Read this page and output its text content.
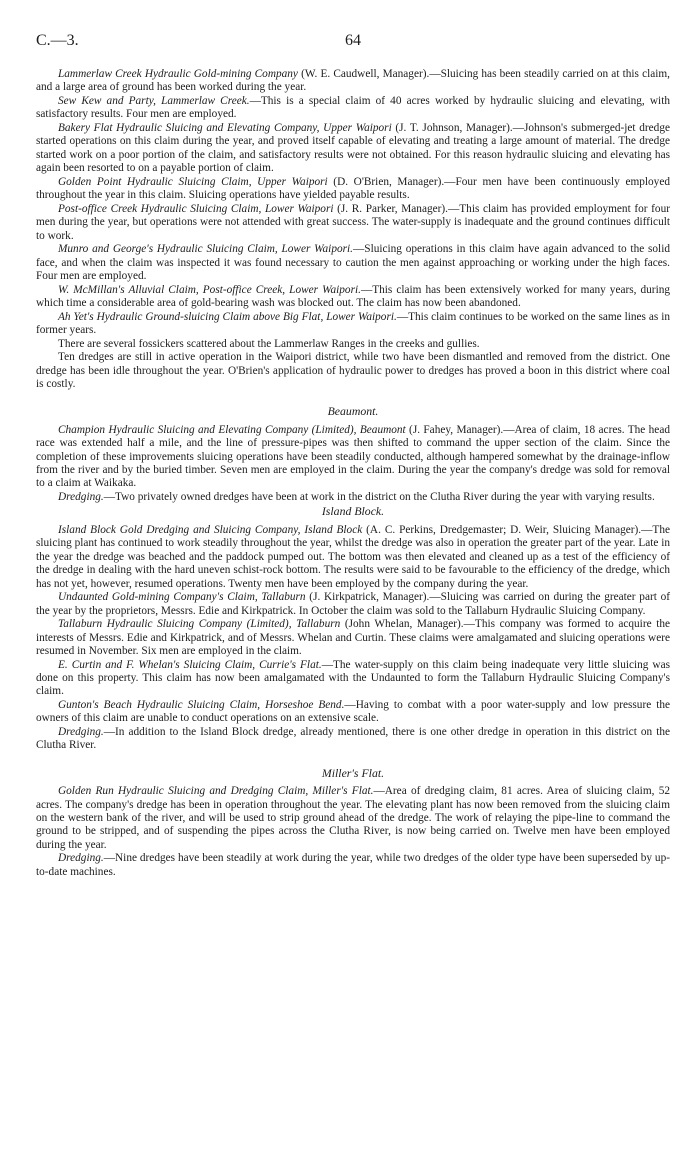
C.—3.	64

Lammerlaw Creek Hydraulic Gold-mining Company (W. E. Caudwell, Manager).—Sluicing has been steadily carried on at this claim, and a large area of ground has been worked during the year.

Sew Kew and Party, Lammerlaw Creek.—This is a special claim of 40 acres worked by hydraulic sluicing and elevating, with satisfactory results. Four men are employed.

Bakery Flat Hydraulic Sluicing and Elevating Company, Upper Waipori (J. T. Johnson, Manager).—Johnson's submerged-jet dredge started operations on this claim during the year, and proved itself capable of elevating and treating a large amount of material. The dredge started work on a poor portion of the claim, and satisfactory results were not obtained. For this reason hydraulic sluicing and elevating has again been resorted to on a payable portion of claim.

Golden Point Hydraulic Sluicing Claim, Upper Waipori (D. O'Brien, Manager).—Four men have been continuously employed throughout the year in this claim. Sluicing operations have yielded payable results.

Post-office Creek Hydraulic Sluicing Claim, Lower Waipori (J. R. Parker, Manager).—This claim has provided employment for four men during the year, but operations were not attended with great success. The water-supply is inadequate and the ground continues difficult to work.

Munro and George's Hydraulic Sluicing Claim, Lower Waipori.—Sluicing operations in this claim have again advanced to the solid face, and when the claim was inspected it was found necessary to caution the men against approaching or working under the high faces. Four men are employed.

W. McMillan's Alluvial Claim, Post-office Creek, Lower Waipori.—This claim has been extensively worked for many years, during which time a considerable area of gold-bearing wash was blocked out. The claim has now been abandoned.

Ah Yet's Hydraulic Ground-sluicing Claim above Big Flat, Lower Waipori.—This claim continues to be worked on the same lines as in former years.

There are several fossickers scattered about the Lammerlaw Ranges in the creeks and gullies.

Ten dredges are still in active operation in the Waipori district, while two have been dismantled and removed from the district. One dredge has been idle throughout the year. O'Brien's application of hydraulic power to dredges has proved a boon in this district where coal is costly.

Beaumont.

Champion Hydraulic Sluicing and Elevating Company (Limited), Beaumont (J. Fahey, Manager).—Area of claim, 18 acres. The head race was extended half a mile, and the line of pressure-pipes was then shifted to command the upper section of the claim. Since the completion of these improvements sluicing operations have been steadily conducted, although hampered somewhat by the drainage-inflow from the river and by the buried timber. Seven men are employed in the claim. During the year the company's dredge was sold for removal to a claim at Waikaka.

Dredging.—Two privately owned dredges have been at work in the district on the Clutha River during the year with varying results.

Island Block.

Island Block Gold Dredging and Sluicing Company, Island Block (A. C. Perkins, Dredgemaster; D. Weir, Sluicing Manager).—The sluicing plant has continued to work steadily throughout the year, whilst the dredge was also in operation the greater part of the year. Late in the year the dredge was beached and the paddock pumped out. The bottom was then elevated and cleaned up as a test of the efficiency of the dredge in dealing with the hard uneven schist-rock bottom. The results were said to be favourable to the efficiency of the dredge, which has not yet, however, resumed operations. Twenty men have been employed by the company during the year.

Undaunted Gold-mining Company's Claim, Tallaburn (J. Kirkpatrick, Manager).—Sluicing was carried on during the greater part of the year by the proprietors, Messrs. Edie and Kirkpatrick. In October the claim was sold to the Tallaburn Hydraulic Sluicing Company.

Tallaburn Hydraulic Sluicing Company (Limited), Tallaburn (John Whelan, Manager).—This company was formed to acquire the interests of Messrs. Edie and Kirkpatrick, and of Messrs. Whelan and Curtin. These claims were amalgamated and sluicing operations were resumed in November. Six men are employed in the claim.

E. Curtin and F. Whelan's Sluicing Claim, Currie's Flat.—The water-supply on this claim being inadequate very little sluicing was done on this property. This claim has now been amalgamated with the Undaunted to form the Tallaburn Hydraulic Sluicing Company's claim.

Gunton's Beach Hydraulic Sluicing Claim, Horseshoe Bend.—Having to combat with a poor water-supply and low pressure the owners of this claim are unable to conduct operations on an extensive scale.

Dredging.—In addition to the Island Block dredge, already mentioned, there is one other dredge in operation in this district on the Clutha River.

Miller's Flat.

Golden Run Hydraulic Sluicing and Dredging Claim, Miller's Flat.—Area of dredging claim, 81 acres. Area of sluicing claim, 52 acres. The company's dredge has been in operation throughout the year. The elevating plant has now been removed from the sluicing claim on the western bank of the river, and will be used to strip ground ahead of the dredge. The work of relaying the pipe-line to command the ground to be stripped, and of suspending the pipes across the Clutha River, is now being carried on. Twelve men have been employed during the year.

Dredging.—Nine dredges have been steadily at work during the year, while two dredges of the older type have been superseded by up-to-date machines.
